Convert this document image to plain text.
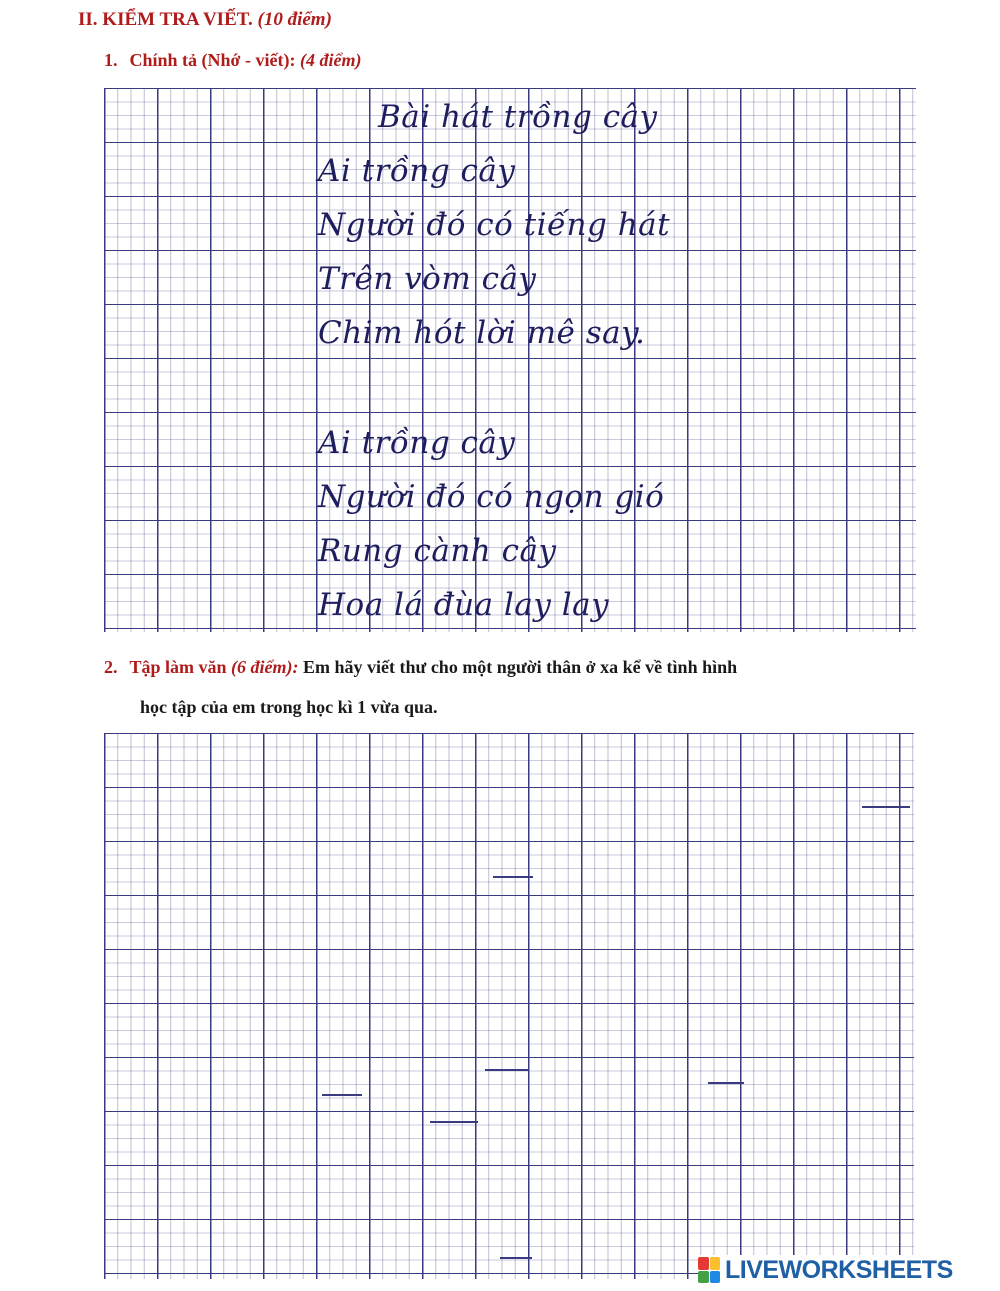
II. KIỂM TRA VIẾT. (10 điểm)
1. Chính tả (Nhớ - viết): (4 điểm)
Bài hát trồng cây
Ai trồng cây
Người đó có tiếng hát
Trên vòm cây
Chim hót lời mê say.
Ai trồng cây
Người đó có ngọn gió
Rung cành cây
Hoa lá đùa lay lay
2. Tập làm văn (6 điểm): Em hãy viết thư cho một người thân ở xa kể về tình hình
học tập của em trong học kì 1 vừa qua.
LIVEWORKSHEETS
